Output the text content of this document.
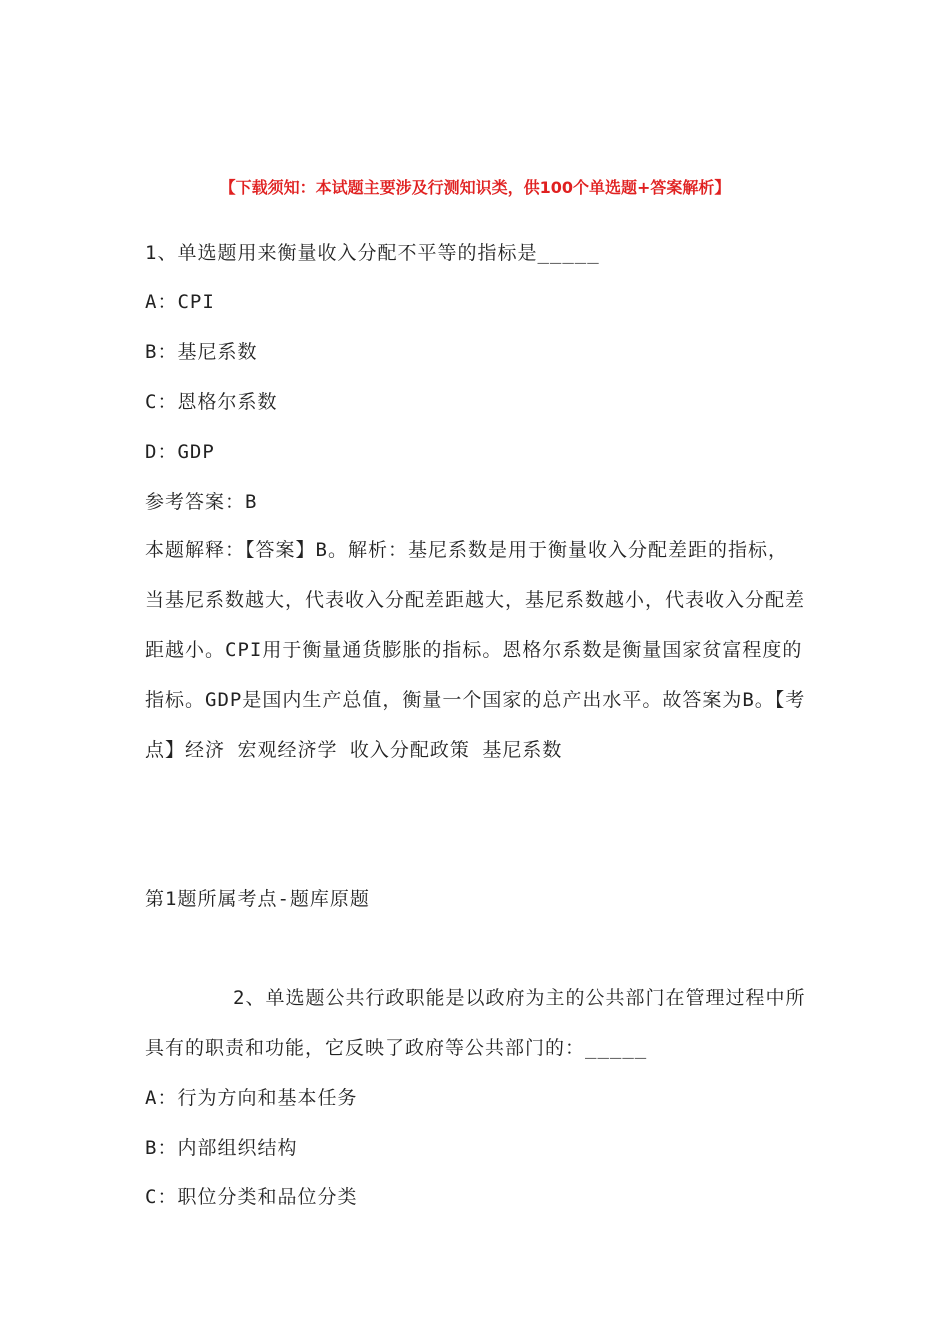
【下载须知：本试题主要涉及行测知识类，供100个单选题+答案解析】
1、单选题用来衡量收入分配不平等的指标是_____
A：CPI
B：基尼系数
C：恩格尔系数
D：GDP
参考答案：B
本题解释：【答案】B。解析：基尼系数是用于衡量收入分配差距的指标，当基尼系数越大，代表收入分配差距越大，基尼系数越小，代表收入分配差距越小。CPI用于衡量通货膨胀的指标。恩格尔系数是衡量国家贫富程度的指标。GDP是国内生产总值，衡量一个国家的总产出水平。故答案为B。【考点】经济 宏观经济学 收入分配政策 基尼系数
第1题所属考点-题库原题
2、单选题公共行政职能是以政府为主的公共部门在管理过程中所具有的职责和功能，它反映了政府等公共部门的：_____
A：行为方向和基本任务
B：内部组织结构
C：职位分类和品位分类
